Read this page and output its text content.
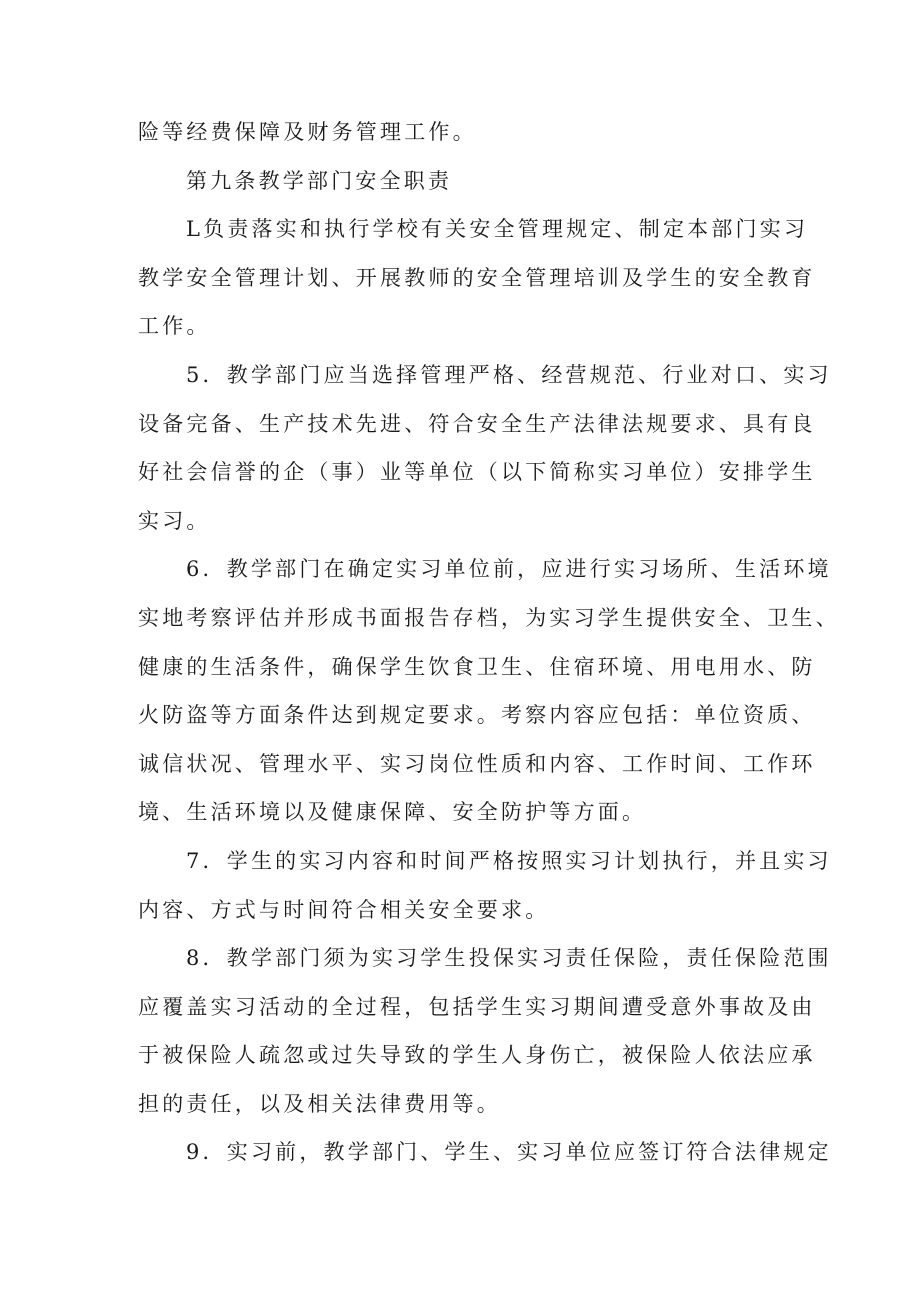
险等经费保障及财务管理工作。
第九条教学部门安全职责
L负责落实和执行学校有关安全管理规定、制定本部门实习
教学安全管理计划、开展教师的安全管理培训及学生的安全教育
工作。
5．教学部门应当选择管理严格、经营规范、行业对口、实习
设备完备、生产技术先进、符合安全生产法律法规要求、具有良
好社会信誉的企（事）业等单位（以下简称实习单位）安排学生
实习。
6．教学部门在确定实习单位前，应进行实习场所、生活环境
实地考察评估并形成书面报告存档，为实习学生提供安全、卫生、
健康的生活条件，确保学生饮食卫生、住宿环境、用电用水、防
火防盗等方面条件达到规定要求。考察内容应包括：单位资质、
诚信状况、管理水平、实习岗位性质和内容、工作时间、工作环
境、生活环境以及健康保障、安全防护等方面。
7．学生的实习内容和时间严格按照实习计划执行，并且实习
内容、方式与时间符合相关安全要求。
8．教学部门须为实习学生投保实习责任保险，责任保险范围
应覆盖实习活动的全过程，包括学生实习期间遭受意外事故及由
于被保险人疏忽或过失导致的学生人身伤亡，被保险人依法应承
担的责任，以及相关法律费用等。
9．实习前，教学部门、学生、实习单位应签订符合法律规定
